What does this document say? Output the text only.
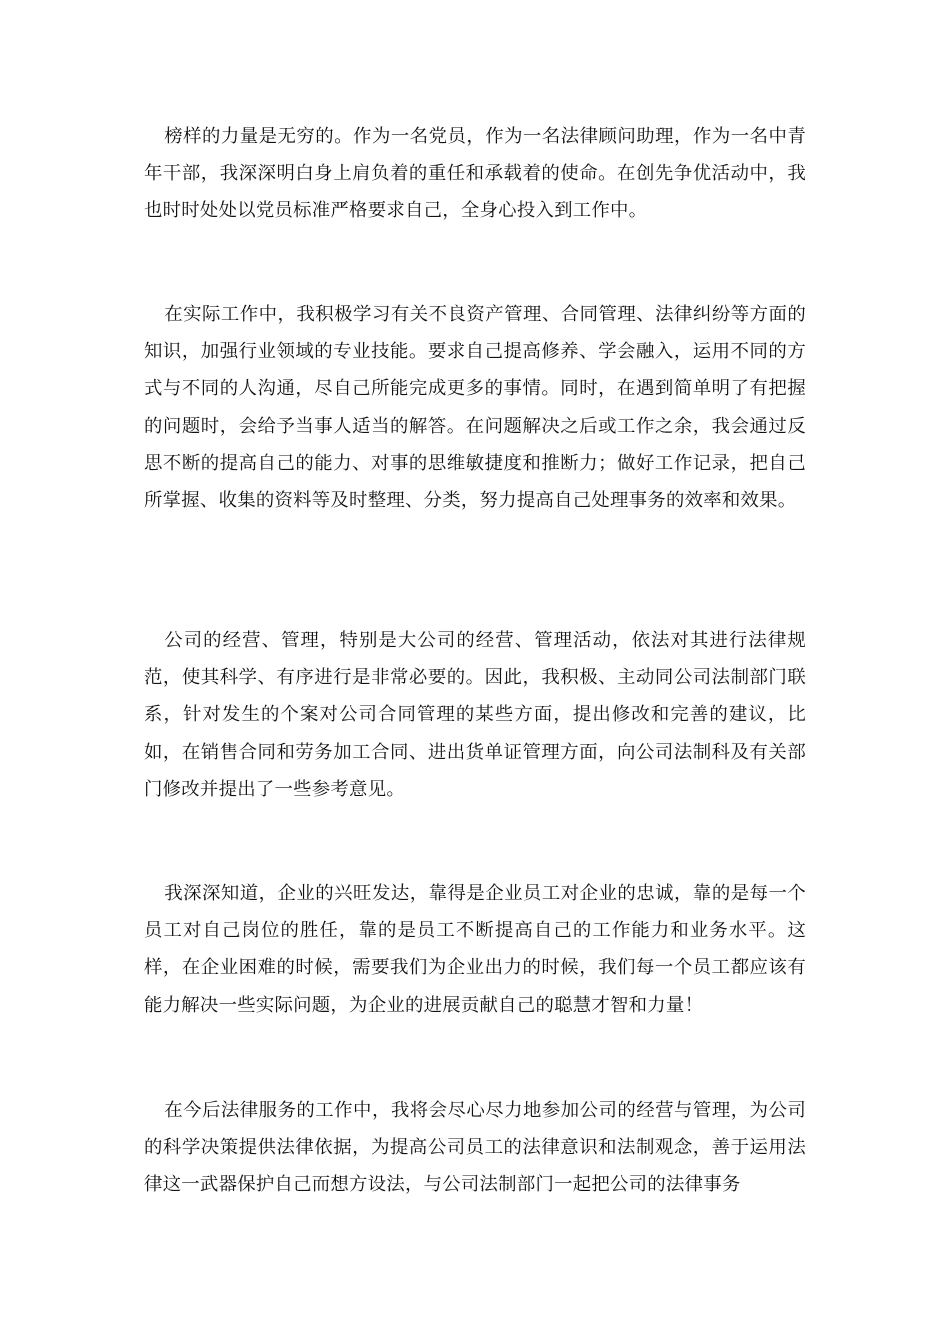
榜样的力量是无穷的。作为一名党员，作为一名法律顾问助理，作为一名中青年干部，我深深明白身上肩负着的重任和承载着的使命。在创先争优活动中，我也时时处处以党员标准严格要求自己，全身心投入到工作中。

在实际工作中，我积极学习有关不良资产管理、合同管理、法律纠纷等方面的知识，加强行业领域的专业技能。要求自己提高修养、学会融入，运用不同的方式与不同的人沟通，尽自己所能完成更多的事情。同时，在遇到简单明了有把握的问题时，会给予当事人适当的解答。在问题解决之后或工作之余，我会通过反思不断的提高自己的能力、对事的思维敏捷度和推断力；做好工作记录，把自己所掌握、收集的资料等及时整理、分类，努力提高自己处理事务的效率和效果。

公司的经营、管理，特别是大公司的经营、管理活动，依法对其进行法律规范，使其科学、有序进行是非常必要的。因此，我积极、主动同公司法制部门联系，针对发生的个案对公司合同管理的某些方面，提出修改和完善的建议，比如，在销售合同和劳务加工合同、进出货单证管理方面，向公司法制科及有关部门修改并提出了一些参考意见。

我深深知道，企业的兴旺发达，靠得是企业员工对企业的忠诚，靠的是每一个员工对自己岗位的胜任，靠的是员工不断提高自己的工作能力和业务水平。这样，在企业困难的时候，需要我们为企业出力的时候，我们每一个员工都应该有能力解决一些实际问题，为企业的进展贡献自己的聪慧才智和力量！

在今后法律服务的工作中，我将会尽心尽力地参加公司的经营与管理，为公司的科学决策提供法律依据，为提高公司员工的法律意识和法制观念，善于运用法律这一武器保护自己而想方设法，与公司法制部门一起把公司的法律事务
